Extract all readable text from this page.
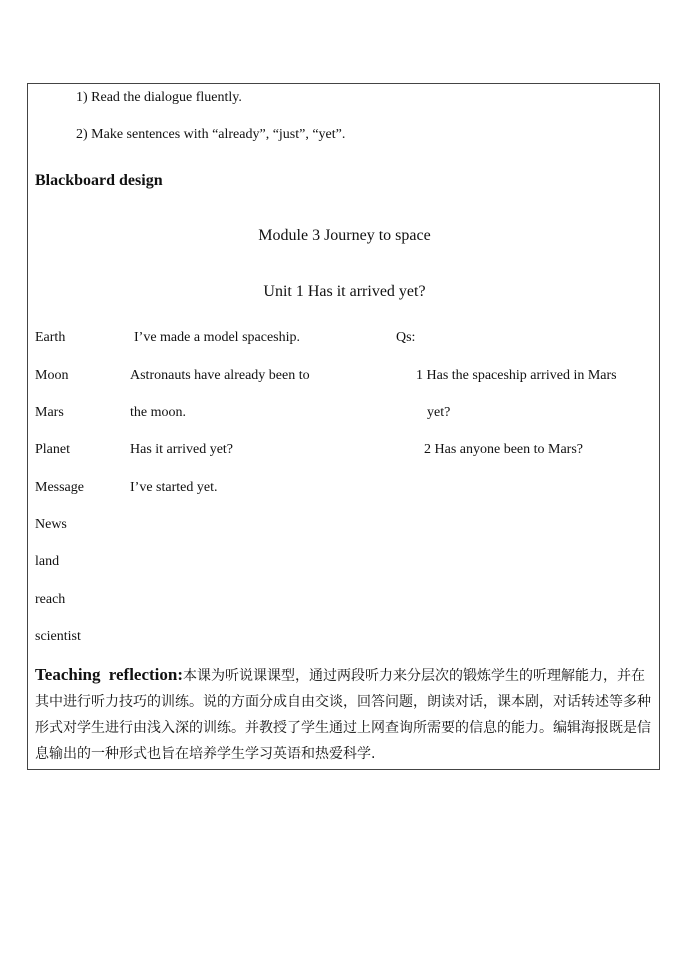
1) Read the dialogue fluently.
2) Make sentences with “already”, “just”, “yet”.
Blackboard design
Module 3 Journey to space
Unit 1 Has it arrived yet?
Earth
Moon
Mars
Planet
Message
News
land
reach
scientist
I’ve made a model spaceship.
Astronauts have already been to
the moon.
Has it arrived yet?
I’ve started yet.
Qs:
1 Has the spaceship arrived in Mars
yet?
2 Has anyone been to Mars?
Teaching reflection:本课为听说课课型，通过两段听力来分层次的锻炼学生的听理解能力，并在其中进行听力技巧的训练。说的方面分成自由交谈，回答问题，朗读对话，课本剧，对话转述等多种形式对学生进行由浅入深的训练。并教授了学生通过上网查询所需要的信息的能力。编辑海报既是信息输出的一种形式也旨在培养学生学习英语和热爱科学.
